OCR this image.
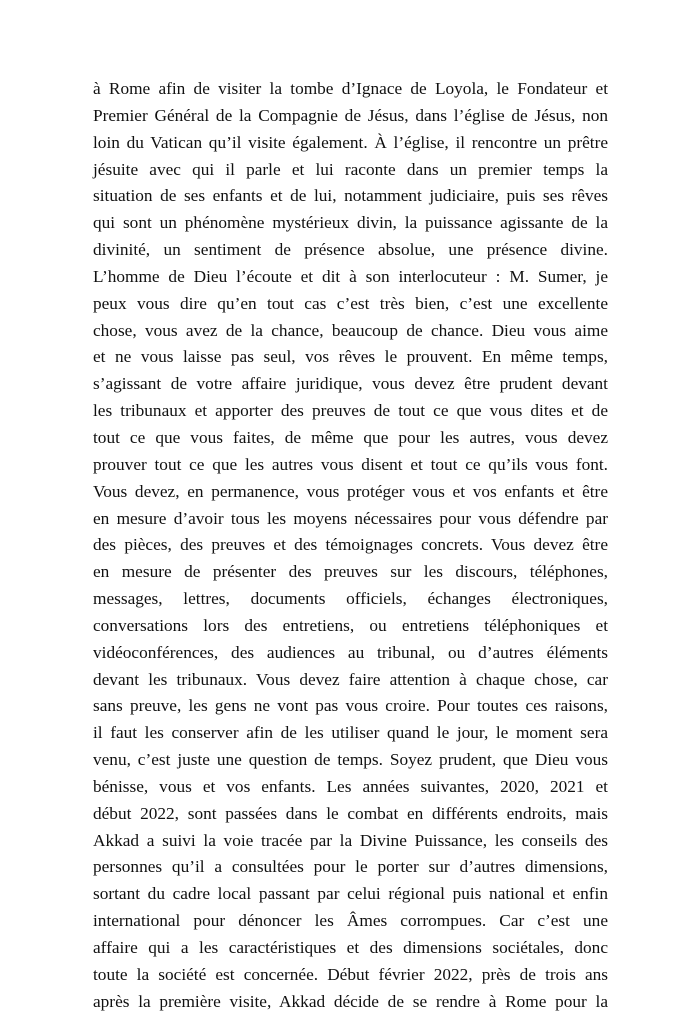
à Rome afin de visiter la tombe d’Ignace de Loyola, le Fondateur et
Premier Général de la Compagnie de Jésus, dans l’église de Jésus, non
loin du Vatican qu’il visite également. À l’église, il rencontre un prêtre
jésuite avec qui il parle et lui raconte dans un premier temps la
situation de ses enfants et de lui, notamment judiciaire, puis ses rêves
qui sont un phénomène mystérieux divin, la puissance agissante de la
divinité, un sentiment de présence absolue, une présence divine.
L’homme de Dieu l’écoute et dit à son interlocuteur : M. Sumer, je
peux vous dire qu’en tout cas c’est très bien, c’est une excellente
chose, vous avez de la chance, beaucoup de chance. Dieu vous aime
et ne vous laisse pas seul, vos rêves le prouvent. En même temps,
s’agissant de votre affaire juridique, vous devez être prudent devant
les tribunaux et apporter des preuves de tout ce que vous dites et de
tout ce que vous faites, de même que pour les autres, vous devez
prouver tout ce que les autres vous disent et tout ce qu’ils vous font.
Vous devez, en permanence, vous protéger vous et vos enfants et être
en mesure d’avoir tous les moyens nécessaires pour vous défendre par
des pièces, des preuves et des témoignages concrets. Vous devez être
en mesure de présenter des preuves sur les discours, téléphones,
messages, lettres, documents officiels, échanges électroniques,
conversations lors des entretiens, ou entretiens téléphoniques et
vidéoconférences, des audiences au tribunal, ou d’autres éléments
devant les tribunaux. Vous devez faire attention à chaque chose, car
sans preuve, les gens ne vont pas vous croire. Pour toutes ces raisons,
il faut les conserver afin de les utiliser quand le jour, le moment sera
venu, c’est juste une question de temps. Soyez prudent, que Dieu vous
bénisse, vous et vos enfants. Les années suivantes, 2020, 2021 et
début 2022, sont passées dans le combat en différents endroits, mais
Akkad a suivi la voie tracée par la Divine Puissance, les conseils des
personnes qu’il a consultées pour le porter sur d’autres dimensions,
sortant du cadre local passant par celui régional puis national et enfin
international pour dénoncer les Âmes corrompues. Car c’est une
affaire qui a les caractéristiques et des dimensions sociétales, donc
toute la société est concernée. Début février 2022, près de trois ans
après la première visite, Akkad décide de se rendre à Rome pour la
